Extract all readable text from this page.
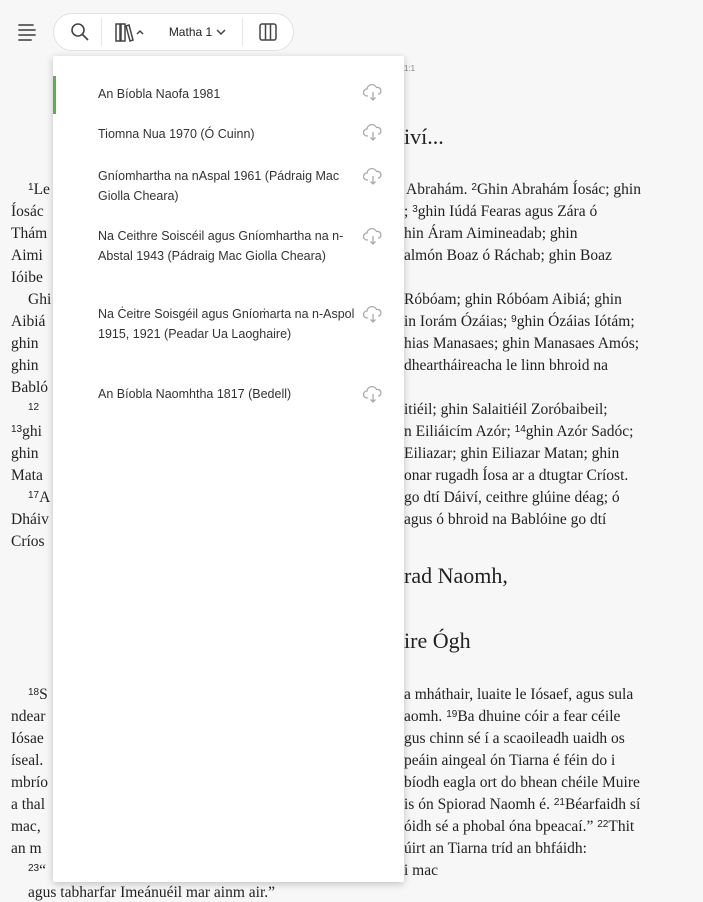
1:1
iví...
$^1$Le	Abrahám. $^2$Ghin Abrahám Íosác; ghin
Íosác	; $^3$ghin Iúdá Fearas agus Zára ó
Thám	hin Áram Aimineadab; ghin
Aimi	almón Boaz ó Ráchab; ghin Boaz
Ióibe
Ghi	Róbóam; ghin Róbóam Aibiá; ghin
Aibiá	in Iorám Ózáias; $^9$ghin Ózáias Iótám;
ghin	hias Manasaes; ghin Manasaes Amós;
ghin	dheartháireacha le linn bhroid na
Babló
$^{12}$	itiéil; ghin Salaitiéil Zoróbaibeil;
$^{13}$ghi	n Eiliáicím Azór; $^{14}$ghin Azór Sadóc;
ghin	Eiliazar; ghin Eiliazar Matan; ghin
Mata	onar rugadh Íosa ar a dtugtar Críost.
$^{17}$A	go dtí Dáiví, ceithre glúine déag; ó
Dháiv	agus ó bhroid na Bablóine go dtí
Críos
rad Naomh,
ire Ógh
$^{18}$S	a mháthair, luaite le Iósaef, agus sula
ndear	aomh. $^{19}$Ba dhuine cóir a fear céile
Iósae	gus chinn sé í a scaoileadh uaidh os
íseal.	peáin aingeal ón Tiarna é féin do i
mbrío	bíodh eagla ort do bhean chéile Muire
a thal	is ón Spiorad Naomh é. $^{21}$Béarfaidh sí
mac,	óidh sé a phobal óna bpeacaí.” $^{22}$Thit
an m	úirt an Tiarna tríd an bhfáidh:
$^{23}$“	i mac
agus tabharfar Imeánuéil mar ainm air.”
Matha 1
An Bíobla Naofa 1981
Tiomna Nua 1970 (Ó Cuinn)
Gníomhartha na nAspal 1961 (Pádraig Mac Giolla Cheara)
Na Ceithre Soiscéil agus Gníomhartha na n-Abstal 1943 (Pádraig Mac Giolla Cheara)
Na Ċeitre Soisgéil agus Gníoṁarta na n-Aspol 1915, 1921 (Peadar Ua Laoghaire)
An Bíobla Naomhtha 1817 (Bedell)
